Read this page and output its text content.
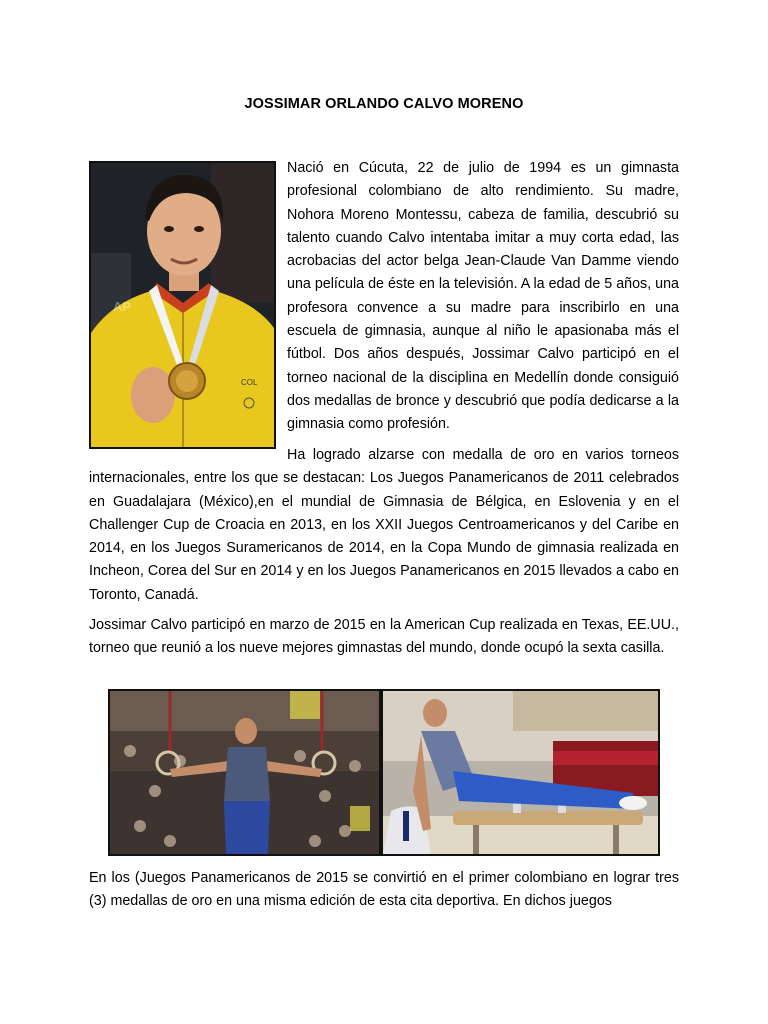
JOSSIMAR ORLANDO CALVO MORENO
COL
AP

Nació en Cúcuta, 22 de julio de 1994 es un gimnasta profesional colombiano de alto rendimiento. Su madre, Nohora Moreno Montessu, cabeza de familia, descubrió su talento cuando Calvo intentaba imitar a muy corta edad, las acrobacias del actor belga Jean-Claude Van Damme viendo una película de éste en la televisión. A la edad de 5 años, una profesora convence a su madre para inscribirlo en una escuela de gimnasia, aunque al niño le apasionaba más el fútbol. Dos años después, Jossimar Calvo participó en el torneo nacional de la disciplina en Medellín donde consiguió dos medallas de bronce y descubrió que podía dedicarse a la gimnasia como profesión.

Ha logrado alzarse con medalla de oro en varios torneos internacionales, entre los que se destacan: Los Juegos Panamericanos de 2011 celebrados en Guadalajara (México),en el mundial de Gimnasia de Bélgica, en Eslovenia y en el Challenger Cup de Croacia en 2013, en los XXII Juegos Centroamericanos y del Caribe en 2014, en los Juegos Suramericanos de 2014, en la Copa Mundo de gimnasia realizada en Incheon, Corea del Sur en 2014 y en los Juegos Panamericanos en 2015 llevados a cabo en Toronto, Canadá.

Jossimar Calvo participó en marzo de 2015 en la American Cup realizada en Texas, EE.UU., torneo que reunió a los nueve mejores gimnastas del mundo, donde ocupó la sexta casilla.

En los (Juegos Panamericanos de 2015 se convirtió en el primer colombiano en lograr tres (3) medallas de oro en una misma edición de esta cita deportiva. En dichos juegos
